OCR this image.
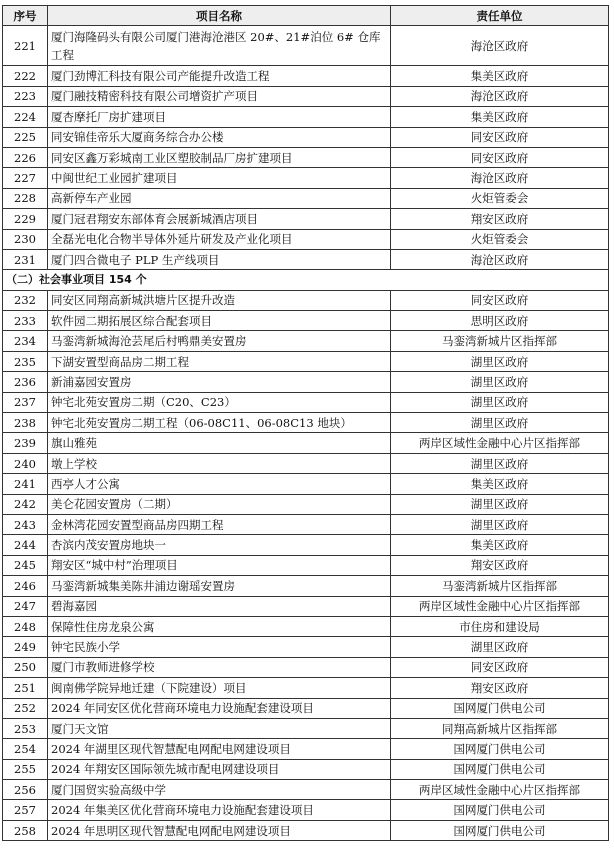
序号	项目名称	责任单位
221	厦门海隆码头有限公司厦门港海沧港区 20#、21#泊位 6# 仓库工程	海沧区政府
222	厦门劲博汇科技有限公司产能提升改造工程	集美区政府
223	厦门融技精密科技有限公司增资扩产项目	海沧区政府
224	厦杏摩托厂房扩建项目	集美区政府
225	同安锦佳帝乐大厦商务综合办公楼	同安区政府
226	同安区鑫万彩城南工业区塑胶制品厂房扩建项目	同安区政府
227	中闽世纪工业园扩建项目	海沧区政府
228	高新停车产业园	火炬管委会
229	厦门冠君翔安东部体育会展新城酒店项目	翔安区政府
230	全磊光电化合物半导体外延片研发及产业化项目	火炬管委会
231	厦门四合微电子 PLP 生产线项目	海沧区政府
（二）社会事业项目 154 个		
232	同安区同翔高新城洪塘片区提升改造	同安区政府
233	软件园二期拓展区综合配套项目	思明区政府
234	马銮湾新城海沧芸尾后村鸭鼎美安置房	马銮湾新城片区指挥部
235	下湖安置型商品房二期工程	湖里区政府
236	新浦嘉园安置房	湖里区政府
237	钟宅北苑安置房二期（C20、C23）	湖里区政府
238	钟宅北苑安置房二期工程（06-08C11、06-08C13 地块）	湖里区政府
239	旗山雅苑	两岸区域性金融中心片区指挥部
240	墩上学校	湖里区政府
241	西亭人才公寓	集美区政府
242	美仑花园安置房（二期）	湖里区政府
243	金林湾花园安置型商品房四期工程	湖里区政府
244	杏滨内茂安置房地块一	集美区政府
245	翔安区“城中村”治理项目	翔安区政府
246	马銮湾新城集美陈井浦边谢瑶安置房	马銮湾新城片区指挥部
247	碧海嘉园	两岸区域性金融中心片区指挥部
248	保障性住房龙泉公寓	市住房和建设局
249	钟宅民族小学	湖里区政府
250	厦门市教师进修学校	同安区政府
251	闽南佛学院异地迁建（下院建设）项目	翔安区政府
252	2024 年同安区优化营商环境电力设施配套建设项目	国网厦门供电公司
253	厦门天文馆	同翔高新城片区指挥部
254	2024 年湖里区现代智慧配电网配电网建设项目	国网厦门供电公司
255	2024 年翔安区国际领先城市配电网建设项目	国网厦门供电公司
256	厦门国贸实验高级中学	两岸区域性金融中心片区指挥部
257	2024 年集美区优化营商环境电力设施配套建设项目	国网厦门供电公司
258	2024 年思明区现代智慧配电网配电网建设项目	国网厦门供电公司
